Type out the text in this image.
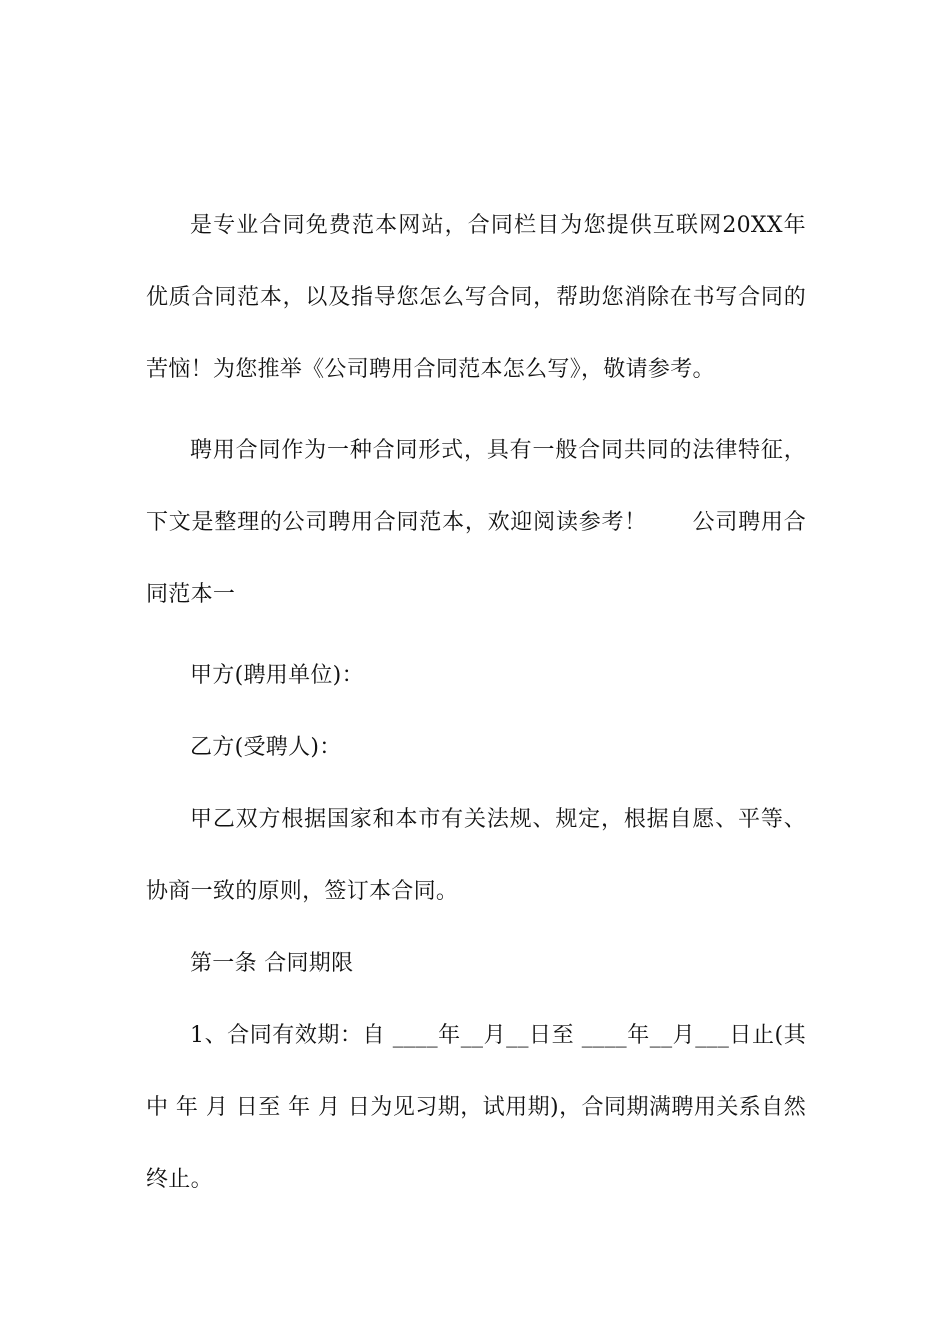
是专业合同免费范本网站，合同栏目为您提供互联网20XX年优质合同范本，以及指导您怎么写合同，帮助您消除在书写合同的苦恼！为您推举《公司聘用合同范本怎么写》，敬请参考。

聘用合同作为一种合同形式，具有一般合同共同的法律特征，下文是整理的公司聘用合同范本，欢迎阅读参考！　　公司聘用合同范本一

甲方(聘用单位)：

乙方(受聘人)：

甲乙双方根据国家和本市有关法规、规定，根据自愿、平等、协商一致的原则，签订本合同。

第一条 合同期限

1、合同有效期：自 ____年__月__日至 ____年__月___日止(其中 年 月 日至 年 月 日为见习期，试用期)，合同期满聘用关系自然终止。
